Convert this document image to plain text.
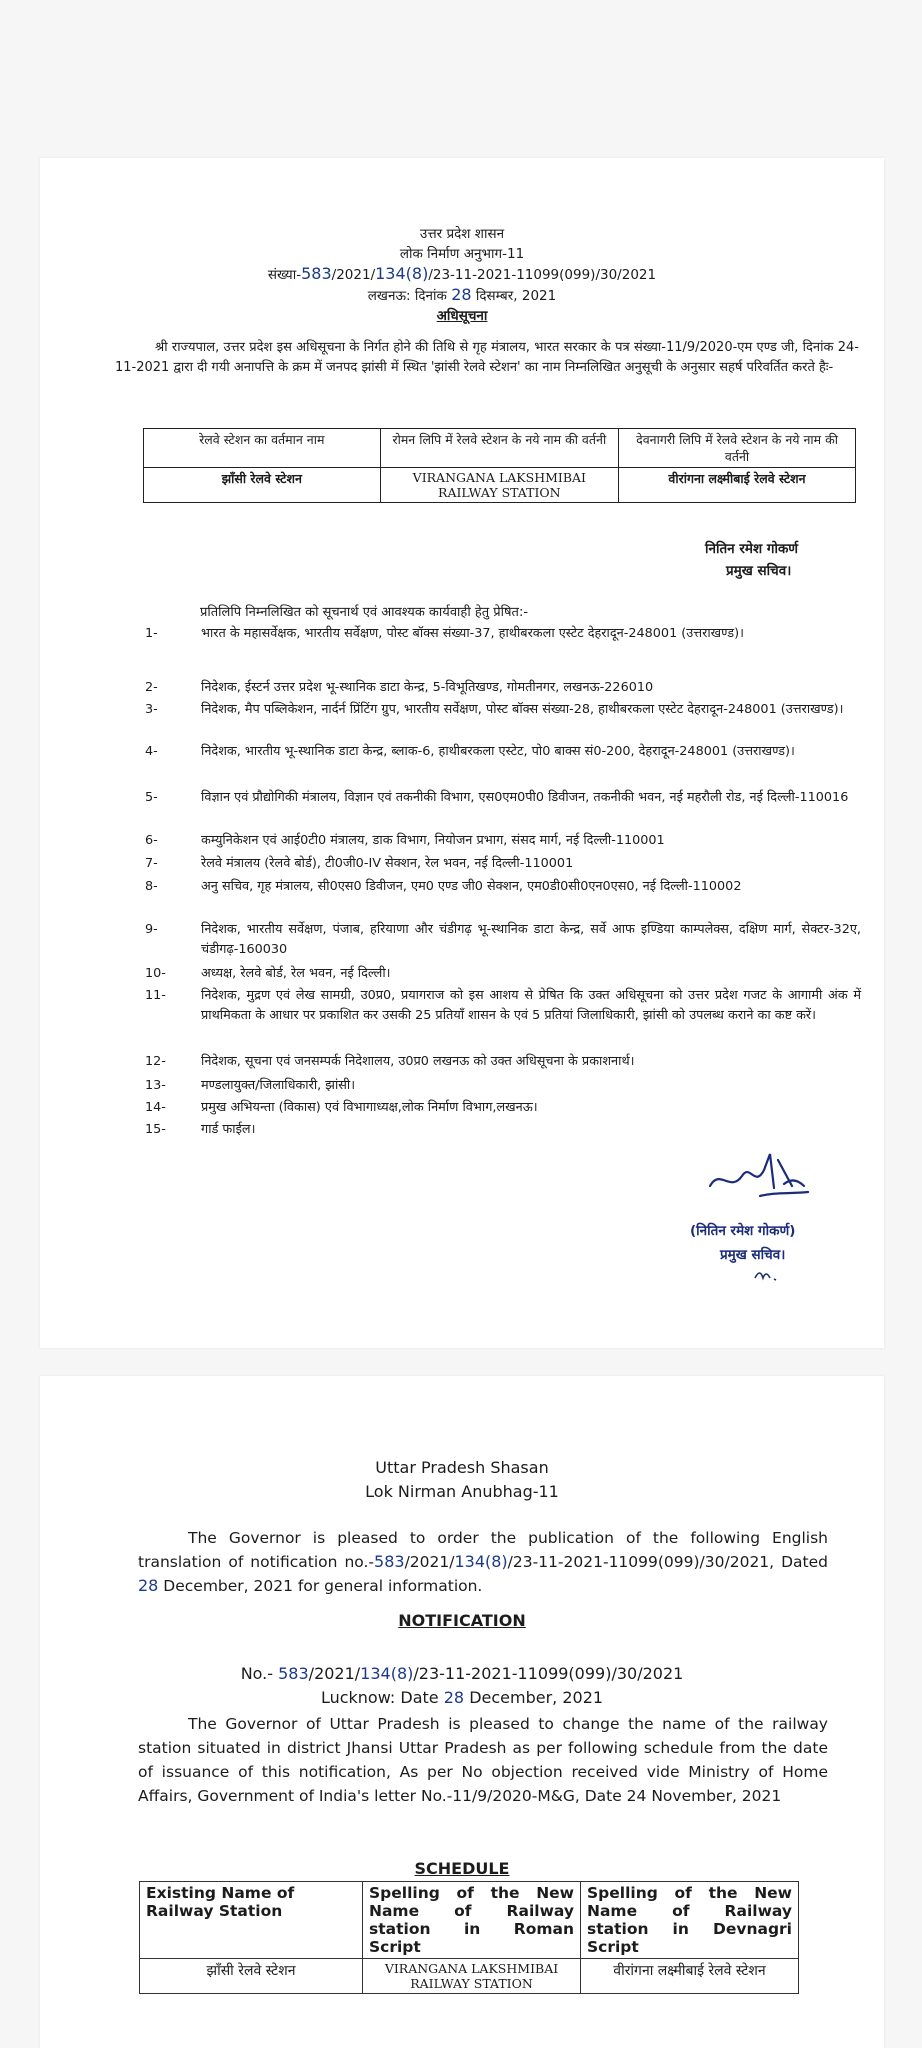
उत्तर प्रदेश शासन
लोक निर्माण अनुभाग-11
संख्या-583/2021/134(8)/23-11-2021-11099(099)/30/2021
लखनऊ: दिनांक 28 दिसम्बर, 2021
अधिसूचना
श्री राज्यपाल, उत्तर प्रदेश इस अधिसूचना के निर्गत होने की तिथि से गृह मंत्रालय, भारत सरकार के पत्र संख्या-11/9/2020-एम एण्ड जी, दिनांक 24-11-2021 द्वारा दी गयी अनापत्ति के क्रम में जनपद झांसी में स्थित 'झांसी रेलवे स्टेशन' का नाम निम्नलिखित अनुसूची के अनुसार सहर्ष परिवर्तित करते हैः-
रेलवे स्टेशन का वर्तमान नाम	रोमन लिपि में रेलवे स्टेशन के नये नाम की वर्तनी	देवनागरी लिपि में रेलवे स्टेशन के नये नाम की वर्तनी
झाँसी रेलवे स्टेशन	VIRANGANA LAKSHMIBAI RAILWAY STATION	वीरांगना लक्ष्मीबाई रेलवे स्टेशन
नितिन रमेश गोकर्ण
प्रमुख सचिव।
प्रतिलिपि निम्नलिखित को सूचनार्थ एवं आवश्यक कार्यवाही हेतु प्रेषित:-
1-	भारत के महासर्वेक्षक, भारतीय सर्वेक्षण, पोस्ट बॉक्स संख्या-37, हाथीबरकला एस्टेट देहरादून-248001 (उत्तराखण्ड)।
2-	निदेशक, ईस्टर्न उत्तर प्रदेश भू-स्थानिक डाटा केन्द्र, 5-विभूतिखण्ड, गोमतीनगर, लखनऊ-226010
3-	निदेशक, मैप पब्लिकेशन, नार्दर्न प्रिंटिंग ग्रुप, भारतीय सर्वेक्षण, पोस्ट बॉक्स संख्या-28, हाथीबरकला एस्टेट देहरादून-248001 (उत्तराखण्ड)।
4-	निदेशक, भारतीय भू-स्थानिक डाटा केन्द्र, ब्लाक-6, हाथीबरकला एस्टेट, पो0 बाक्स सं0-200, देहरादून-248001 (उत्तराखण्ड)।
5-	विज्ञान एवं प्रौद्योगिकी मंत्रालय, विज्ञान एवं तकनीकी विभाग, एस0एम0पी0 डिवीजन, तकनीकी भवन, नई महरौली रोड, नई दिल्ली-110016
6-	कम्युनिकेशन एवं आई0टी0 मंत्रालय, डाक विभाग, नियोजन प्रभाग, संसद मार्ग, नई दिल्ली-110001
7-	रेलवे मंत्रालय (रेलवे बोर्ड), टी0जी0-IV सेक्शन, रेल भवन, नई दिल्ली-110001
8-	अनु सचिव, गृह मंत्रालय, सी0एस0 डिवीजन, एम0 एण्ड जी0 सेक्शन, एम0डी0सी0एन0एस0, नई दिल्ली-110002
9-	निदेशक, भारतीय सर्वेक्षण, पंजाब, हरियाणा और चंडीगढ़ भू-स्थानिक डाटा केन्द्र, सर्वे आफ इण्डिया काम्पलेक्स, दक्षिण मार्ग, सेक्टर-32ए, चंडीगढ़-160030
10-	अध्यक्ष, रेलवे बोर्ड, रेल भवन, नई दिल्ली।
11-	निदेशक, मुद्रण एवं लेख सामग्री, उ0प्र0, प्रयागराज को इस आशय से प्रेषित कि उक्त अधिसूचना को उत्तर प्रदेश गजट के आगामी अंक में प्राथमिकता के आधार पर प्रकाशित कर उसकी 25 प्रतियॉं शासन के एवं 5 प्रतियां जिलाधिकारी, झांसी को उपलब्ध कराने का कष्ट करें।
12-	निदेशक, सूचना एवं जनसम्पर्क निदेशालय, उ0प्र0 लखनऊ को उक्त अधिसूचना के प्रकाशनार्थ।
13-	मण्डलायुक्त/जिलाधिकारी, झांसी।
14-	प्रमुख अभियन्ता (विकास) एवं विभागाध्यक्ष,लोक निर्माण विभाग,लखनऊ।
15-	गार्ड फाईल।
(नितिन रमेश गोकर्ण)
प्रमुख सचिव।
Uttar Pradesh Shasan
Lok Nirman Anubhag-11
The Governor is pleased to order the publication of the following English translation of notification no.-583/2021/134(8)/23-11-2021-11099(099)/30/2021, Dated 28 December, 2021 for general information.
NOTIFICATION
No.- 583/2021/134(8)/23-11-2021-11099(099)/30/2021
Lucknow: Date 28 December, 2021
The Governor of Uttar Pradesh is pleased to change the name of the railway station situated in district Jhansi Uttar Pradesh as per following schedule from the date of issuance of this notification, As per No objection received vide Ministry of Home Affairs, Government of India's letter No.-11/9/2020-M&G, Date 24 November, 2021
SCHEDULE
Existing Name of Railway Station	Spelling of the New Name of Railway station in Roman Script	Spelling of the New Name of Railway station in Devnagri Script
झाँसी रेलवे स्टेशन	VIRANGANA LAKSHMIBAI RAILWAY STATION	वीरांगना लक्ष्मीबाई रेलवे स्टेशन
